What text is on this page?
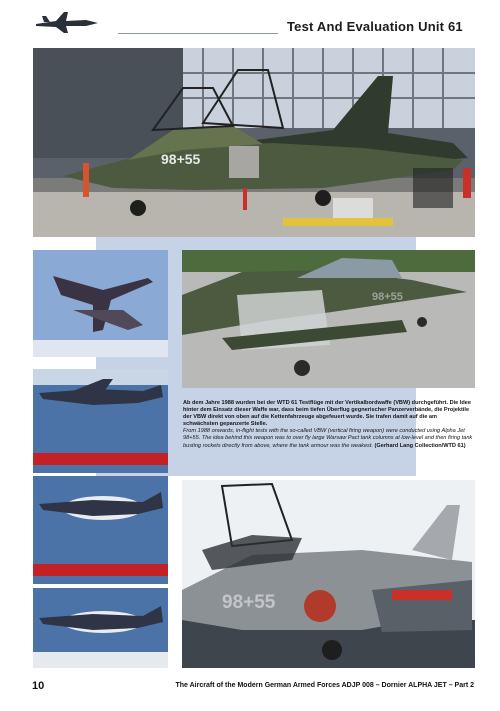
Test And Evaluation Unit 61
98+55
98+55
Ab dem Jahre 1988 wurden bei der WTD 61 Testflüge mit der Vertikalbordwaffe (VBW) durchgeführt. Die Idee hinter dem Einsatz dieser Waffe war, dass beim tiefen Überflug gegnerischer Panzerverbände, die Projektile der VBW direkt von oben auf die Kettenfahrzeuge abgefeuert wurde. Sie trafen damit auf die am schwächsten gepanzerte Stelle.
From 1988 onwards, in-flight tests with the so-called VBW (vertical firing weapon) were conducted using Alpha Jet 98+55. The idea behind this weapon was to over fly large Warsaw Pact tank columns at low-level and then firing tank busting rockets directly from above, where the tank armour was the weakest. (Gerhard Lang Collection/WTD 61)
98+55
10	The Aircraft of the Modern German Armed Forces ADJP 008 – Dornier ALPHA JET – Part 2
